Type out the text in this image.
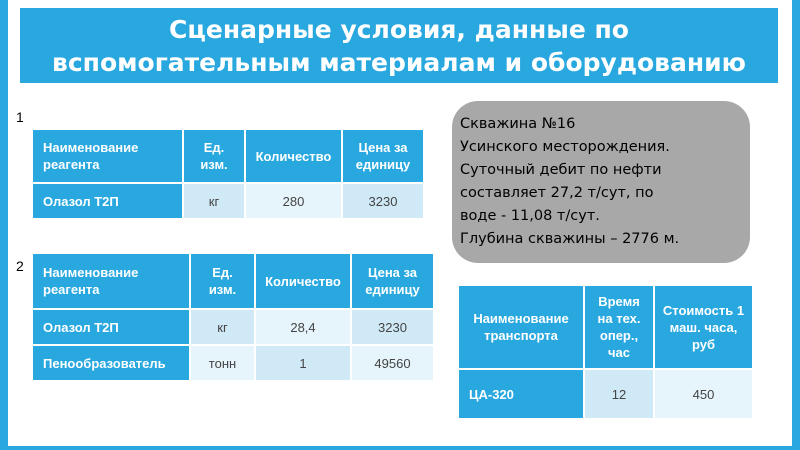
Сценарные условия, данные по
вспомогательным материалам и оборудованию
1
2
Наименование реагента	Ед. изм.	Количество	Цена за единицу
Олазол Т2П	кг	280	3230
Наименование реагента	Ед. изм.	Количество	Цена за единицу
Олазол Т2П	кг	28,4	3230
Пенообразователь	тонн	1	49560
Скважина №16
Усинского месторождения.
Суточный дебит по нефти
составляет 27,2 т/сут, по
воде - 11,08 т/сут.
Глубина скважины – 2776 м.
Наименование транспорта	Время на тех. опер., час	Стоимость 1 маш. часа, руб
ЦА-320	12	450
